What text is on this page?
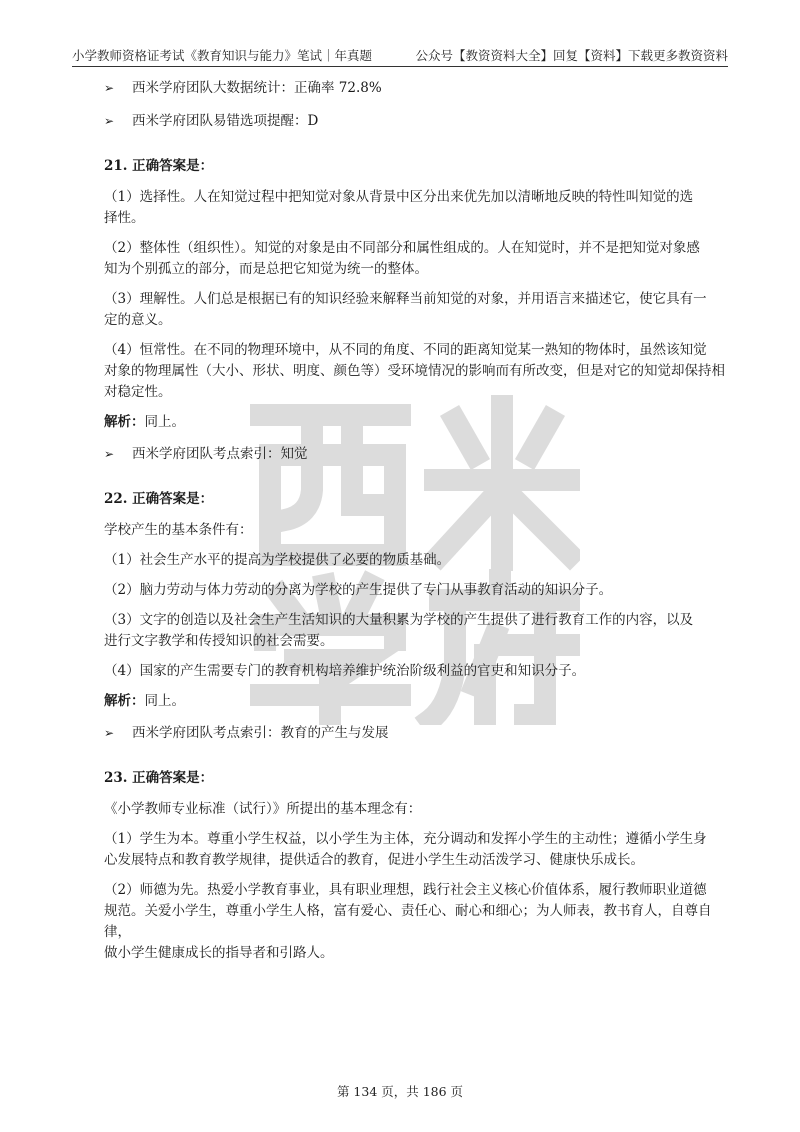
小学教师资格证考试《教育知识与能力》笔试｜年真题	公众号【教资资料大全】回复【资料】下载更多教资资料

➢ 西米学府团队大数据统计：正确率 72.8%

➢ 西米学府团队易错选项提醒：D

21. 正确答案是：

（1）选择性。人在知觉过程中把知觉对象从背景中区分出来优先加以清晰地反映的特性叫知觉的选
择性。

（2）整体性（组织性）。知觉的对象是由不同部分和属性组成的。人在知觉时，并不是把知觉对象感
知为个别孤立的部分，而是总把它知觉为统一的整体。

（3）理解性。人们总是根据已有的知识经验来解释当前知觉的对象，并用语言来描述它，使它具有一
定的意义。

（4）恒常性。在不同的物理环境中，从不同的角度、不同的距离知觉某一熟知的物体时，虽然该知觉
对象的物理属性（大小、形状、明度、颜色等）受环境情况的影响而有所改变，但是对它的知觉却保持相
对稳定性。

解析：同上。

➢ 西米学府团队考点索引：知觉

22. 正确答案是：

学校产生的基本条件有：

（1）社会生产水平的提高为学校提供了必要的物质基础。

（2）脑力劳动与体力劳动的分离为学校的产生提供了专门从事教育活动的知识分子。

（3）文字的创造以及社会生产生活知识的大量积累为学校的产生提供了进行教育工作的内容，以及
进行文字教学和传授知识的社会需要。

（4）国家的产生需要专门的教育机构培养维护统治阶级利益的官吏和知识分子。

解析：同上。

➢ 西米学府团队考点索引：教育的产生与发展

23. 正确答案是：

《小学教师专业标准（试行）》所提出的基本理念有：

（1）学生为本。尊重小学生权益，以小学生为主体，充分调动和发挥小学生的主动性；遵循小学生身
心发展特点和教育教学规律，提供适合的教育，促进小学生生动活泼学习、健康快乐成长。

（2）师德为先。热爱小学教育事业，具有职业理想，践行社会主义核心价值体系，履行教师职业道德
规范。关爱小学生，尊重小学生人格，富有爱心、责任心、耐心和细心；为人师表，教书育人，自尊自律，
做小学生健康成长的指导者和引路人。

第 134 页，共 186 页
